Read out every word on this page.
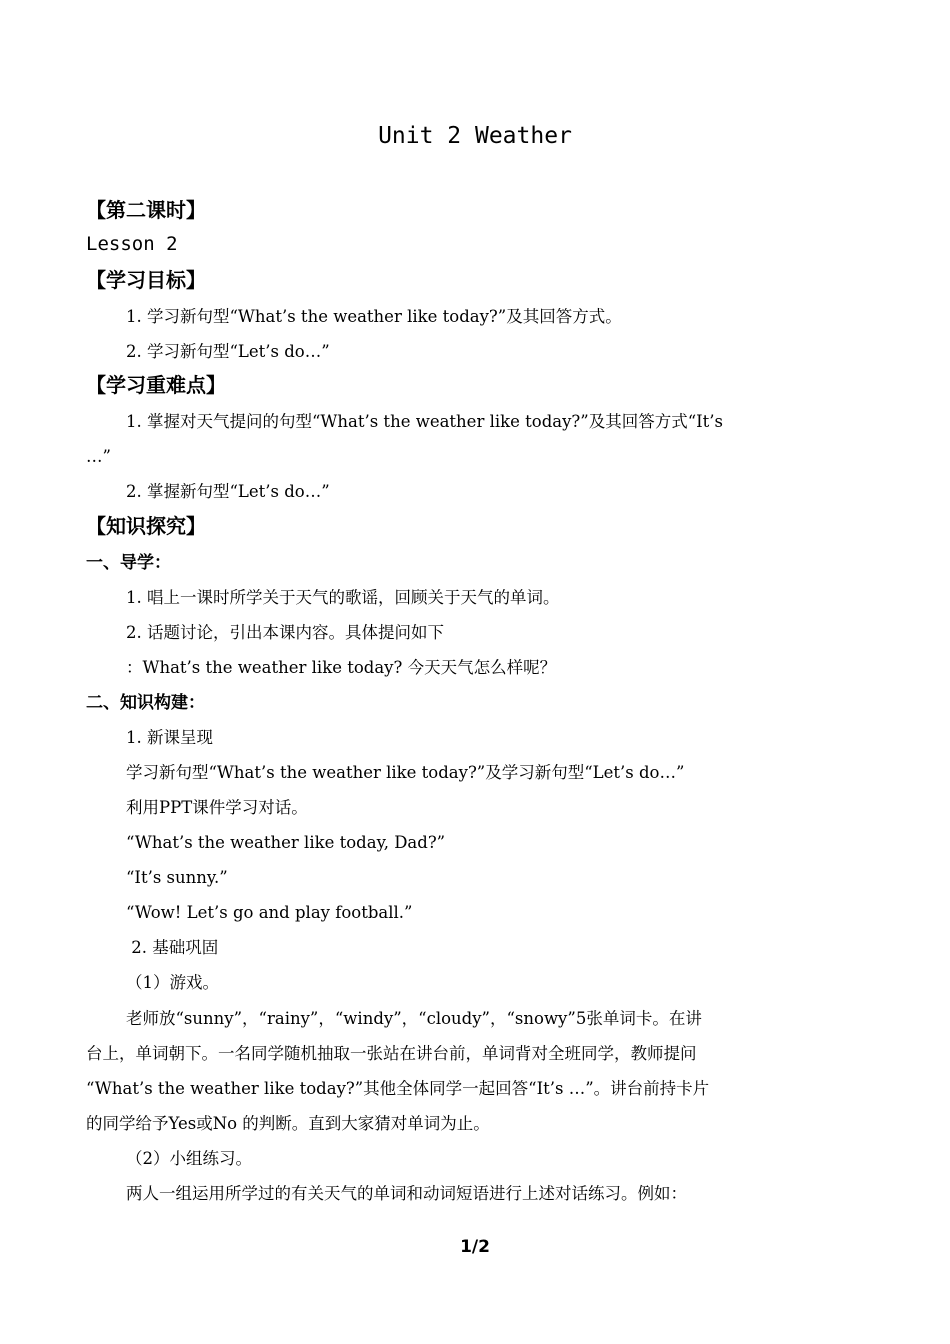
Unit 2 Weather
【第二课时】
Lesson 2
【学习目标】
1. 学习新句型“What’s the weather like today?”及其回答方式。
2. 学习新句型“Let’s do…”
【学习重难点】
1. 掌握对天气提问的句型“What’s the weather like today?”及其回答方式“It’s
…”
2. 掌握新句型“Let’s do…”
【知识探究】
一、导学：
1. 唱上一课时所学关于天气的歌谣，回顾关于天气的单词。
2. 话题讨论，引出本课内容。具体提问如下
：What’s the weather like today? 今天天气怎么样呢？
二、知识构建：
1. 新课呈现
学习新句型“What’s the weather like today?”及学习新句型“Let’s do…”
利用PPT课件学习对话。
“What’s the weather like today, Dad?”
“It’s sunny.”
“Wow! Let’s go and play football.”
2. 基础巩固
（1）游戏。
老师放“sunny”，“rainy”，“windy”，“cloudy”，“snowy”5张单词卡。在讲
台上，单词朝下。一名同学随机抽取一张站在讲台前，单词背对全班同学，教师提问
“What’s the weather like today?”其他全体同学一起回答“It’s …”。讲台前持卡片
的同学给予Yes或No 的判断。直到大家猜对单词为止。
（2）小组练习。
两人一组运用所学过的有关天气的单词和动词短语进行上述对话练习。例如：
1/2
